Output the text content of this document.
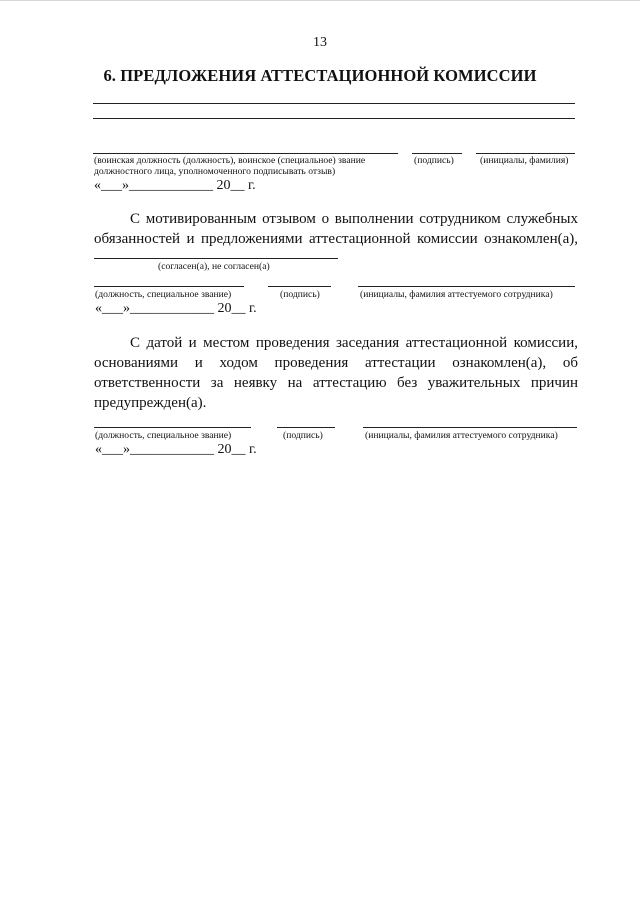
13
6. ПРЕДЛОЖЕНИЯ АТТЕСТАЦИОННОЙ КОМИССИИ
(воинская должность (должность), воинское (специальное) звание
должностного лица, уполномоченного подписывать отзыв)
(подпись)	(инициалы, фамилия)
«___»____________ 20__ г.
С мотивированным отзывом о выполнении сотрудником служебных
обязанностей и предложениями аттестационной комиссии ознакомлен(а),
(согласен(а), не согласен(а)
(должность, специальное звание)	(подпись)	(инициалы, фамилия аттестуемого сотрудника)
«___»____________ 20__ г.
С датой и местом проведения заседания аттестационной комиссии,
основаниями и ходом проведения аттестации ознакомлен(а), об
ответственности за неявку на аттестацию без уважительных причин
предупрежден(а).
(должность, специальное звание)	(подпись)	(инициалы, фамилия аттестуемого сотрудника)
«___»____________ 20__ г.
